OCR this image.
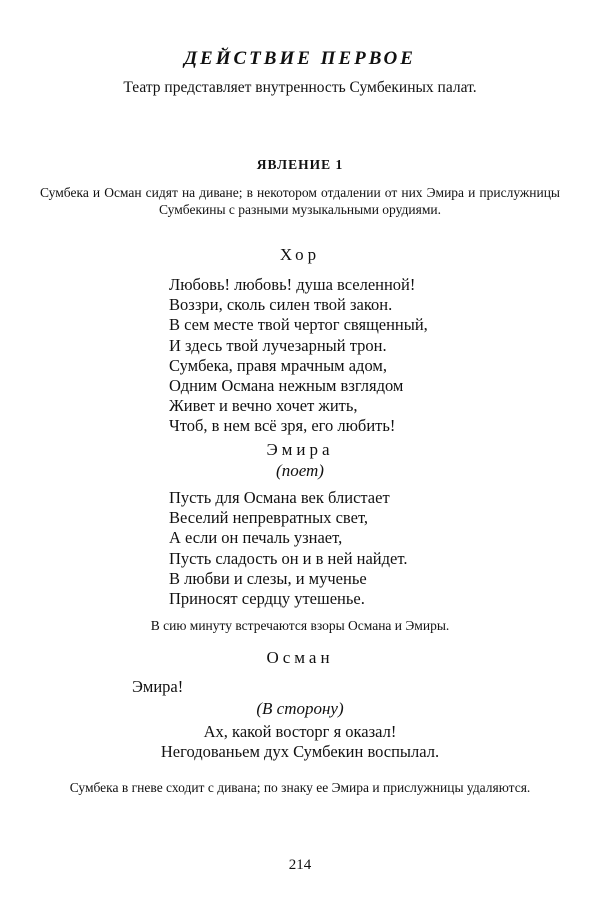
ДЕЙСТВИЕ ПЕРВОЕ
Театр представляет внутренность Сумбекиных палат.
ЯВЛЕНИЕ 1
Сумбека и Осман сидят на диване; в некотором отдалении от них Эмира и прислужницы Сумбекины с разными музыкальными орудиями.
Хор
Любовь! любовь! душа вселенной!
Воззри, сколь силен твой закон.
В сем месте твой чертог священный,
И здесь твой лучезарный трон.
Сумбека, правя мрачным адом,
Одним Османа нежным взглядом
Живет и вечно хочет жить,
Чтоб, в нем всё зря, его любить!
Эмира
(поет)
Пусть для Османа век блистает
Веселий непревратных свет,
А если он печаль узнает,
Пусть сладость он и в ней найдет.
В любви и слезы, и мученье
Приносят сердцу утешенье.
В сию минуту встречаются взоры Османа и Эмиры.
Осман
Эмира!
(В сторону)
Ах, какой восторг я оказал!
Негодованьем дух Сумбекин воспылал.
Сумбека в гневе сходит с дивана; по знаку ее Эмира и прислужницы удаляются.
214
